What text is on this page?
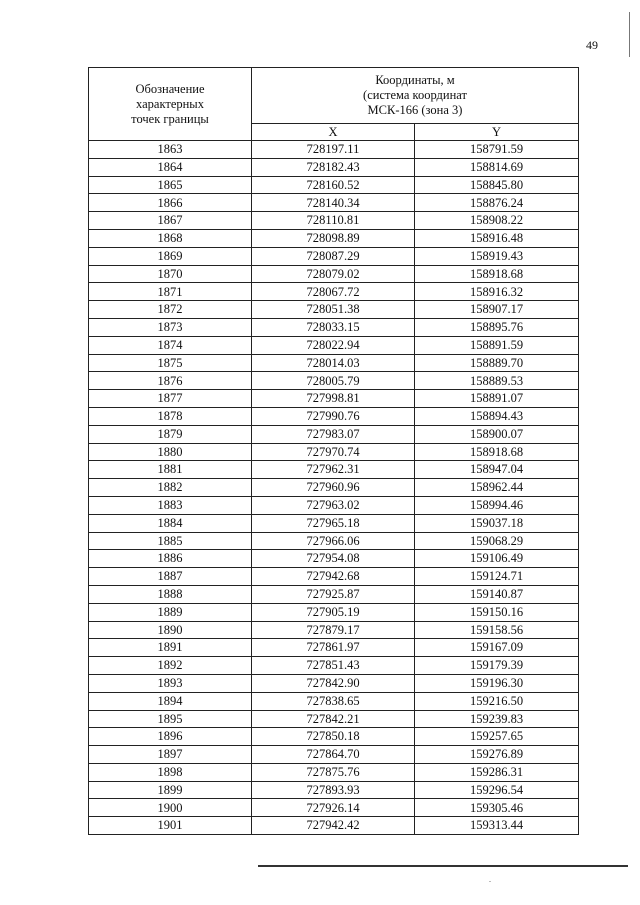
49
Обозначение
характерных
точек границы	Координаты, м
(система координат
МСК-166 (зона 3)	
	X	Y
1863	728197.11	158791.59
1864	728182.43	158814.69
1865	728160.52	158845.80
1866	728140.34	158876.24
1867	728110.81	158908.22
1868	728098.89	158916.48
1869	728087.29	158919.43
1870	728079.02	158918.68
1871	728067.72	158916.32
1872	728051.38	158907.17
1873	728033.15	158895.76
1874	728022.94	158891.59
1875	728014.03	158889.70
1876	728005.79	158889.53
1877	727998.81	158891.07
1878	727990.76	158894.43
1879	727983.07	158900.07
1880	727970.74	158918.68
1881	727962.31	158947.04
1882	727960.96	158962.44
1883	727963.02	158994.46
1884	727965.18	159037.18
1885	727966.06	159068.29
1886	727954.08	159106.49
1887	727942.68	159124.71
1888	727925.87	159140.87
1889	727905.19	159150.16
1890	727879.17	159158.56
1891	727861.97	159167.09
1892	727851.43	159179.39
1893	727842.90	159196.30
1894	727838.65	159216.50
1895	727842.21	159239.83
1896	727850.18	159257.65
1897	727864.70	159276.89
1898	727875.76	159286.31
1899	727893.93	159296.54
1900	727926.14	159305.46
1901	727942.42	159313.44
